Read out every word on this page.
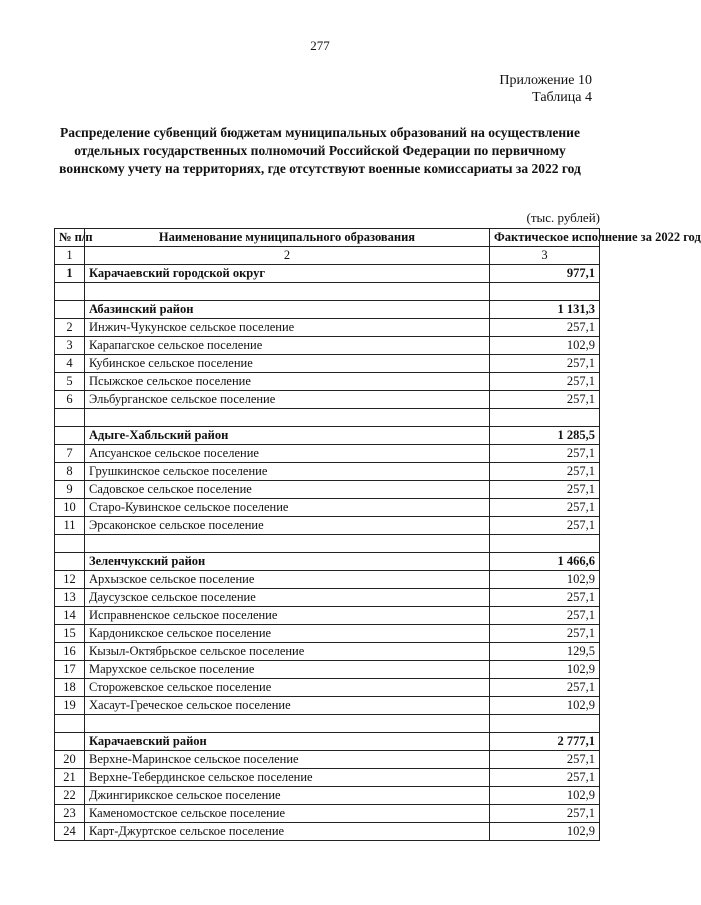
277
Приложение 10
Таблица 4
Распределение субвенций бюджетам муниципальных образований на осуществление отдельных государственных полномочий Российской Федерации по первичному воинскому учету на территориях, где отсутствуют военные комиссариаты за 2022 год
(тыс. рублей)
№ п/п	Наименование муниципального образования	Фактическое исполнение за 2022 год
1	2	3
1	Карачаевский городской округ	977,1

	Абазинский район	1 131,3
2	Инжич-Чукунское сельское поселение	257,1
3	Карапагское сельское поселение	102,9
4	Кубинское сельское поселение	257,1
5	Псыжское сельское поселение	257,1
6	Эльбурганское сельское поселение	257,1

	Адыге-Хабльский район	1 285,5
7	Апсуанское сельское поселение	257,1
8	Грушкинское сельское поселение	257,1
9	Садовское сельское поселение	257,1
10	Старо-Кувинское сельское поселение	257,1
11	Эрсаконское сельское поселение	257,1

	Зеленчукский район	1 466,6
12	Архызское сельское поселение	102,9
13	Даусузское сельское поселение	257,1
14	Исправненское сельское поселение	257,1
15	Кардоникское сельское поселение	257,1
16	Кызыл-Октябрьское сельское поселение	129,5
17	Марухское сельское поселение	102,9
18	Сторожевское сельское поселение	257,1
19	Хасаут-Греческое сельское поселение	102,9

	Карачаевский район	2 777,1
20	Верхне-Маринское сельское поселение	257,1
21	Верхне-Тебердинское сельское поселение	257,1
22	Джингирикское сельское поселение	102,9
23	Каменомостское сельское поселение	257,1
24	Карт-Джуртское сельское поселение	102,9
